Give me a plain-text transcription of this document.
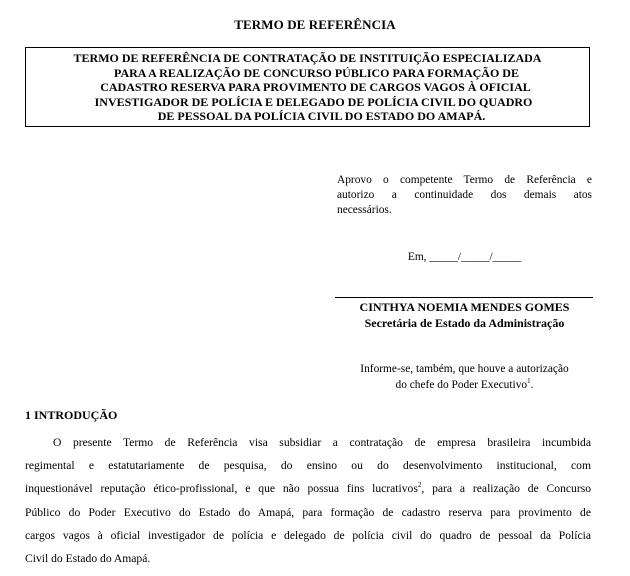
TERMO DE REFERÊNCIA
TERMO DE REFERÊNCIA DE CONTRATAÇÃO DE INSTITUIÇÃO ESPECIALIZADA
PARA A REALIZAÇÃO DE CONCURSO PÚBLICO PARA FORMAÇÃO DE
CADASTRO RESERVA PARA PROVIMENTO DE CARGOS VAGOS À OFICIAL
INVESTIGADOR DE POLÍCIA E DELEGADO DE POLÍCIA CIVIL DO QUADRO
DE PESSOAL DA POLÍCIA CIVIL DO ESTADO DO AMAPÁ.
Aprovo o competente Termo de Referência e
autorizo a continuidade dos demais atos
necessários.
Em, _____/_____/_____
CINTHYA NOEMIA MENDES GOMES
Secretária de Estado da Administração
Informe-se, também, que houve a autorização
do chefe do Poder Executivo$^1$.
1 INTRODUÇÃO
O presente Termo de Referência visa subsidiar a contratação de empresa brasileira incumbida
regimental e estatutariamente de pesquisa, do ensino ou do desenvolvimento institucional, com
inquestionável reputação ético-profissional, e que não possua fins lucrativos$^2$, para a realização de Concurso
Público do Poder Executivo do Estado do Amapá, para formação de cadastro reserva para provimento de
cargos vagos à oficial investigador de polícia e delegado de polícia civil do quadro de pessoal da Polícia
Civil do Estado do Amapá.
